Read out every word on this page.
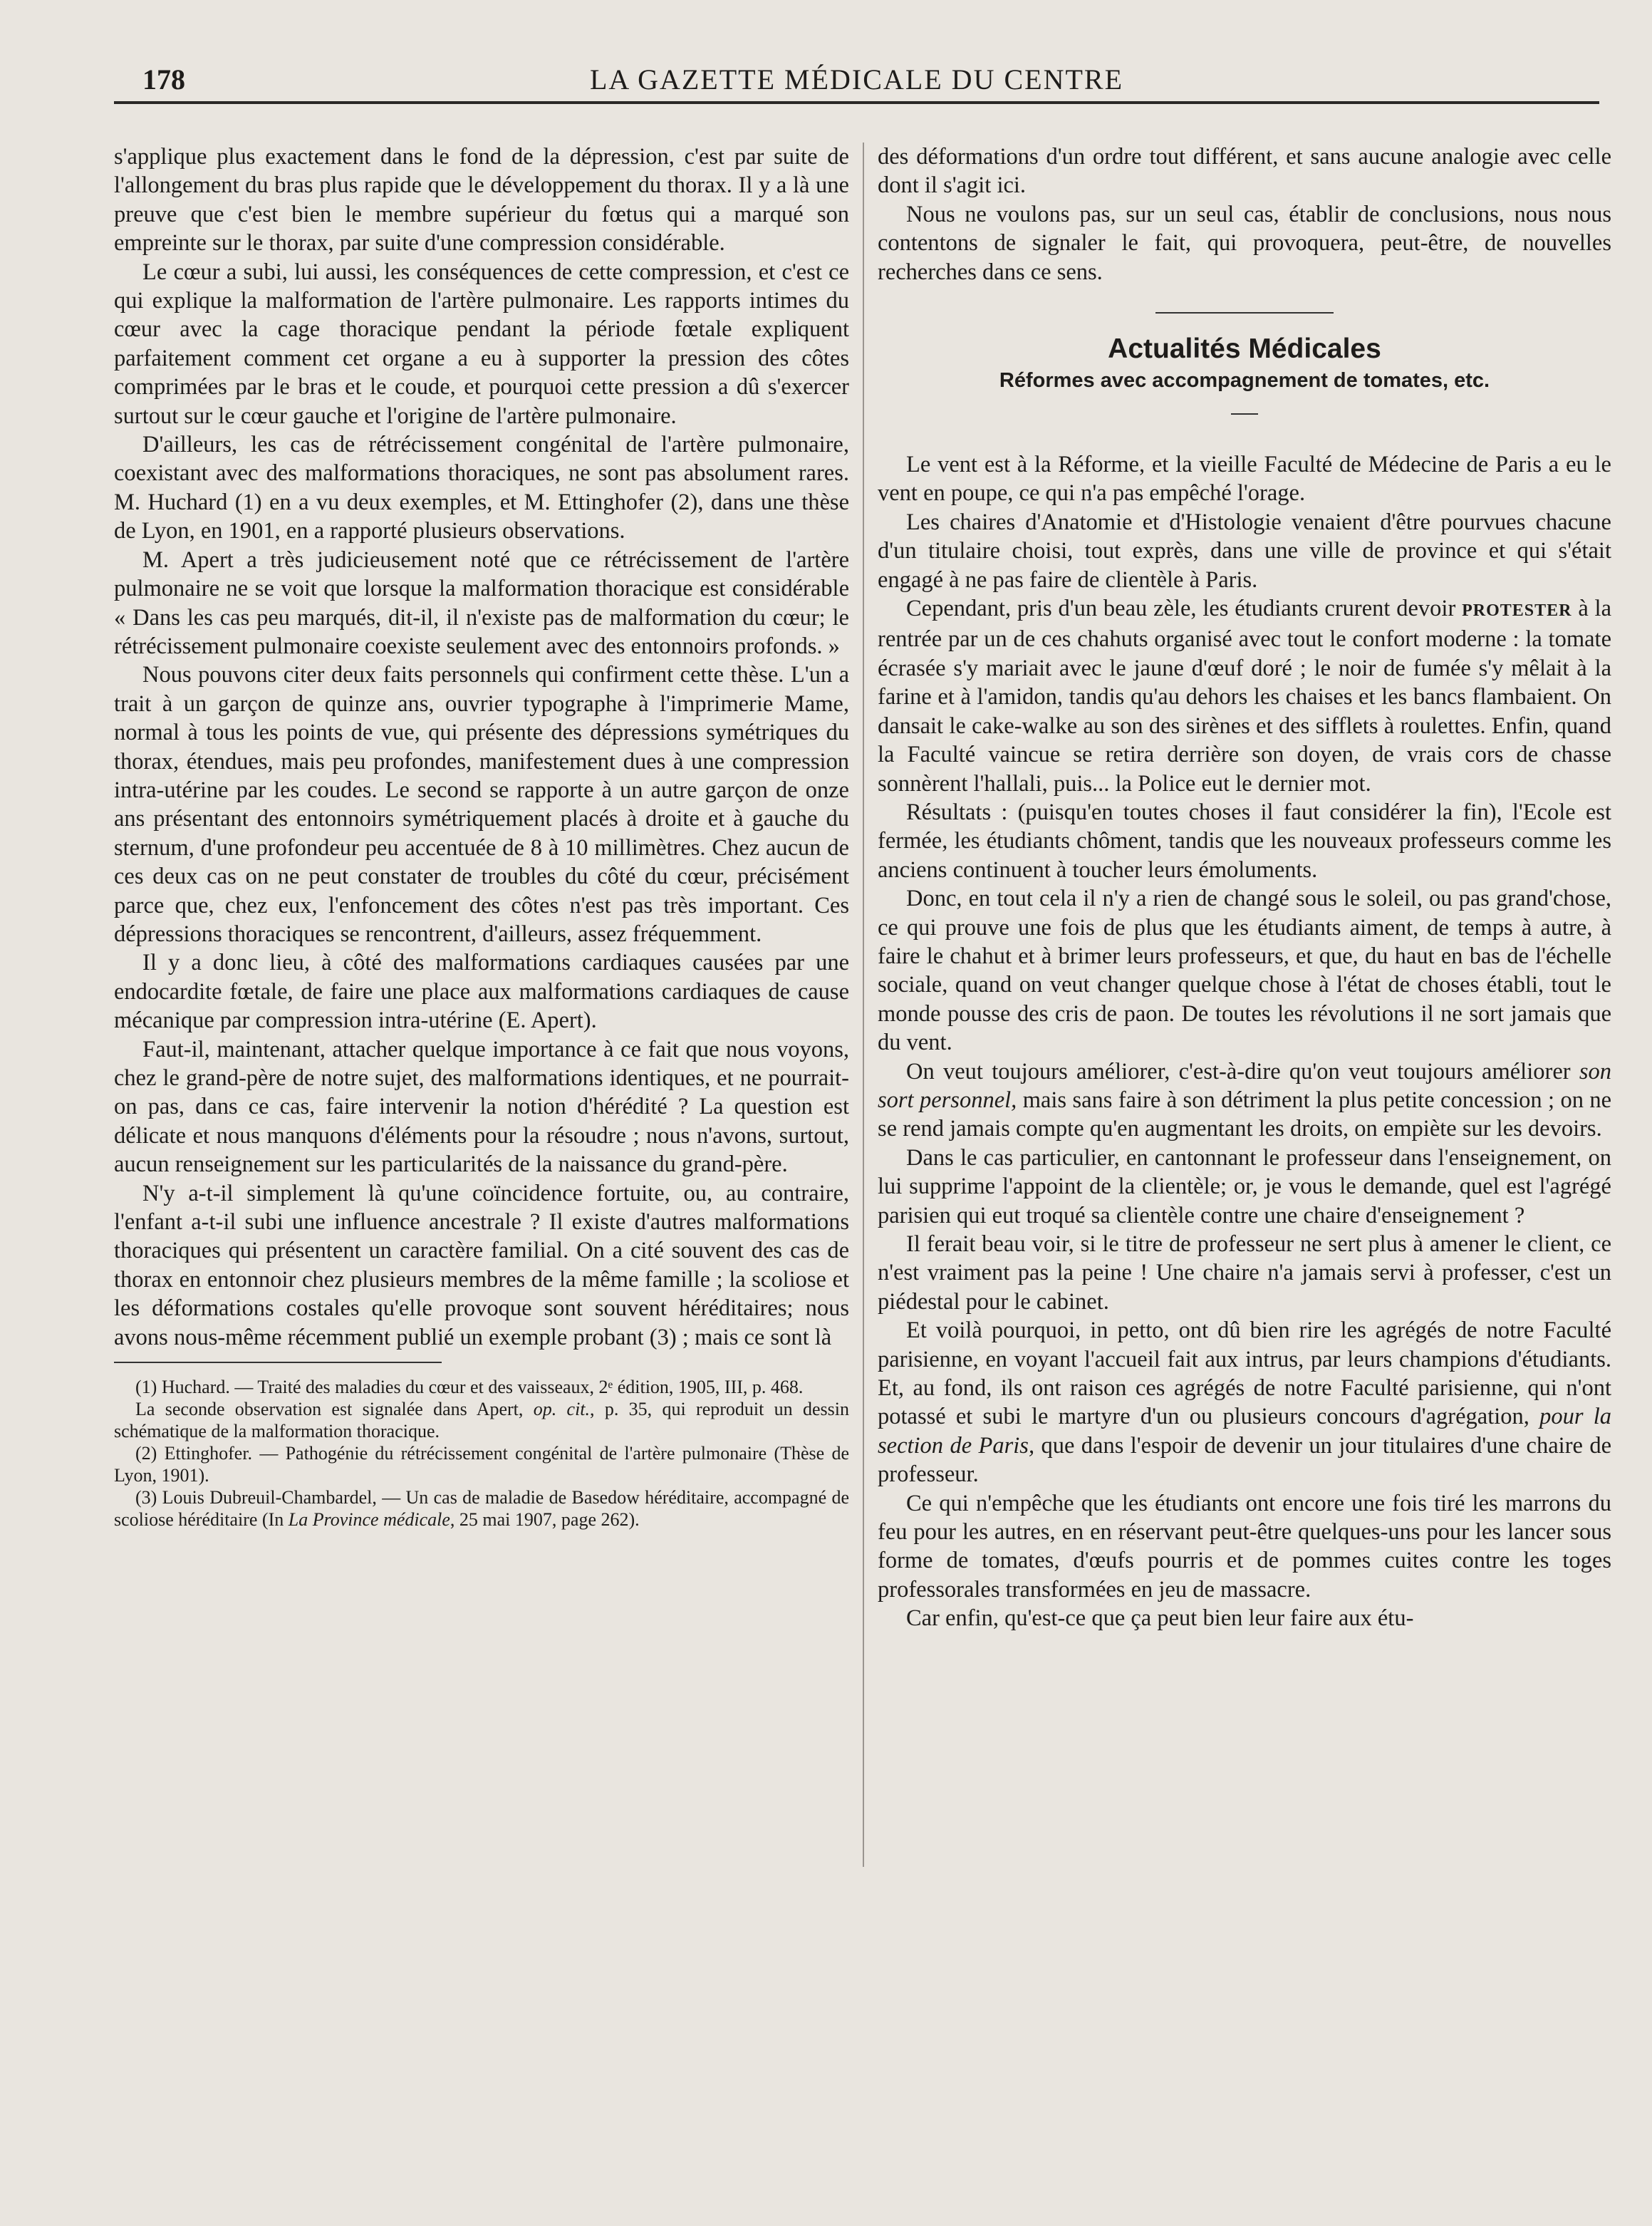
178	LA GAZETTE MÉDICALE DU CENTRE

s'applique plus exactement dans le fond de la dépression, c'est par suite de l'allongement du bras plus rapide que le développement du thorax. Il y a là une preuve que c'est bien le membre supérieur du fœtus qui a marqué son empreinte sur le thorax, par suite d'une compression considérable.

Le cœur a subi, lui aussi, les conséquences de cette compression, et c'est ce qui explique la malformation de l'artère pulmonaire. Les rapports intimes du cœur avec la cage thoracique pendant la période fœtale expliquent parfaitement comment cet organe a eu à supporter la pression des côtes comprimées par le bras et le coude, et pourquoi cette pression a dû s'exercer surtout sur le cœur gauche et l'origine de l'artère pulmonaire.

D'ailleurs, les cas de rétrécissement congénital de l'artère pulmonaire, coexistant avec des malformations thoraciques, ne sont pas absolument rares. M. Huchard (1) en a vu deux exemples, et M. Ettinghofer (2), dans une thèse de Lyon, en 1901, en a rapporté plusieurs observations.

M. Apert a très judicieusement noté que ce rétrécissement de l'artère pulmonaire ne se voit que lorsque la malformation thoracique est considérable « Dans les cas peu marqués, dit-il, il n'existe pas de malformation du cœur; le rétrécissement pulmonaire coexiste seulement avec des entonnoirs profonds. »

Nous pouvons citer deux faits personnels qui confirment cette thèse. L'un a trait à un garçon de quinze ans, ouvrier typographe à l'imprimerie Mame, normal à tous les points de vue, qui présente des dépressions symétriques du thorax, étendues, mais peu profondes, manifestement dues à une compression intra-utérine par les coudes. Le second se rapporte à un autre garçon de onze ans présentant des entonnoirs symétriquement placés à droite et à gauche du sternum, d'une profondeur peu accentuée de 8 à 10 millimètres. Chez aucun de ces deux cas on ne peut constater de troubles du côté du cœur, précisément parce que, chez eux, l'enfoncement des côtes n'est pas très important. Ces dépressions thoraciques se rencontrent, d'ailleurs, assez fréquemment.

Il y a donc lieu, à côté des malformations cardiaques causées par une endocardite fœtale, de faire une place aux malformations cardiaques de cause mécanique par compression intra-utérine (E. Apert).

Faut-il, maintenant, attacher quelque importance à ce fait que nous voyons, chez le grand-père de notre sujet, des malformations identiques, et ne pourrait-on pas, dans ce cas, faire intervenir la notion d'hérédité ? La question est délicate et nous manquons d'éléments pour la résoudre ; nous n'avons, surtout, aucun renseignement sur les particularités de la naissance du grand-père.

N'y a-t-il simplement là qu'une coïncidence fortuite, ou, au contraire, l'enfant a-t-il subi une influence ancestrale ? Il existe d'autres malformations thoraciques qui présentent un caractère familial. On a cité souvent des cas de thorax en entonnoir chez plusieurs membres de la même famille ; la scoliose et les déformations costales qu'elle provoque sont souvent héréditaires; nous avons nous-même récemment publié un exemple probant (3) ; mais ce sont là

(1) Huchard. — Traité des maladies du cœur et des vaisseaux, 2ᵉ édition, 1905, III, p. 468.

La seconde observation est signalée dans Apert, op. cit., p. 35, qui reproduit un dessin schématique de la malformation thoracique.

(2) Ettinghofer. — Pathogénie du rétrécissement congénital de l'artère pulmonaire (Thèse de Lyon, 1901).

(3) Louis Dubreuil-Chambardel, — Un cas de maladie de Basedow héréditaire, accompagné de scoliose héréditaire (In La Province médicale, 25 mai 1907, page 262).

des déformations d'un ordre tout différent, et sans aucune analogie avec celle dont il s'agit ici.

Nous ne voulons pas, sur un seul cas, établir de conclusions, nous nous contentons de signaler le fait, qui provoquera, peut-être, de nouvelles recherches dans ce sens.

Actualités Médicales
Réformes avec accompagnement de tomates, etc.

Le vent est à la Réforme, et la vieille Faculté de Médecine de Paris a eu le vent en poupe, ce qui n'a pas empêché l'orage.

Les chaires d'Anatomie et d'Histologie venaient d'être pourvues chacune d'un titulaire choisi, tout exprès, dans une ville de province et qui s'était engagé à ne pas faire de clientèle à Paris.

Cependant, pris d'un beau zèle, les étudiants crurent devoir PROTESTER à la rentrée par un de ces chahuts organisé avec tout le confort moderne : la tomate écrasée s'y mariait avec le jaune d'œuf doré ; le noir de fumée s'y mêlait à la farine et à l'amidon, tandis qu'au dehors les chaises et les bancs flambaient. On dansait le cake-walke au son des sirènes et des sifflets à roulettes. Enfin, quand la Faculté vaincue se retira derrière son doyen, de vrais cors de chasse sonnèrent l'hallali, puis... la Police eut le dernier mot.

Résultats : (puisqu'en toutes choses il faut considérer la fin), l'Ecole est fermée, les étudiants chôment, tandis que les nouveaux professeurs comme les anciens continuent à toucher leurs émoluments.

Donc, en tout cela il n'y a rien de changé sous le soleil, ou pas grand'chose, ce qui prouve une fois de plus que les étudiants aiment, de temps à autre, à faire le chahut et à brimer leurs professeurs, et que, du haut en bas de l'échelle sociale, quand on veut changer quelque chose à l'état de choses établi, tout le monde pousse des cris de paon. De toutes les révolutions il ne sort jamais que du vent.

On veut toujours améliorer, c'est-à-dire qu'on veut toujours améliorer son sort personnel, mais sans faire à son détriment la plus petite concession ; on ne se rend jamais compte qu'en augmentant les droits, on empiète sur les devoirs.

Dans le cas particulier, en cantonnant le professeur dans l'enseignement, on lui supprime l'appoint de la clientèle; or, je vous le demande, quel est l'agrégé parisien qui eut troqué sa clientèle contre une chaire d'enseignement ?

Il ferait beau voir, si le titre de professeur ne sert plus à amener le client, ce n'est vraiment pas la peine ! Une chaire n'a jamais servi à professer, c'est un piédestal pour le cabinet.

Et voilà pourquoi, in petto, ont dû bien rire les agrégés de notre Faculté parisienne, en voyant l'accueil fait aux intrus, par leurs champions d'étudiants. Et, au fond, ils ont raison ces agrégés de notre Faculté parisienne, qui n'ont potassé et subi le martyre d'un ou plusieurs concours d'agrégation, pour la section de Paris, que dans l'espoir de devenir un jour titulaires d'une chaire de professeur.

Ce qui n'empêche que les étudiants ont encore une fois tiré les marrons du feu pour les autres, en en réservant peut-être quelques-uns pour les lancer sous forme de tomates, d'œufs pourris et de pommes cuites contre les toges professorales transformées en jeu de massacre.

Car enfin, qu'est-ce que ça peut bien leur faire aux étu-
